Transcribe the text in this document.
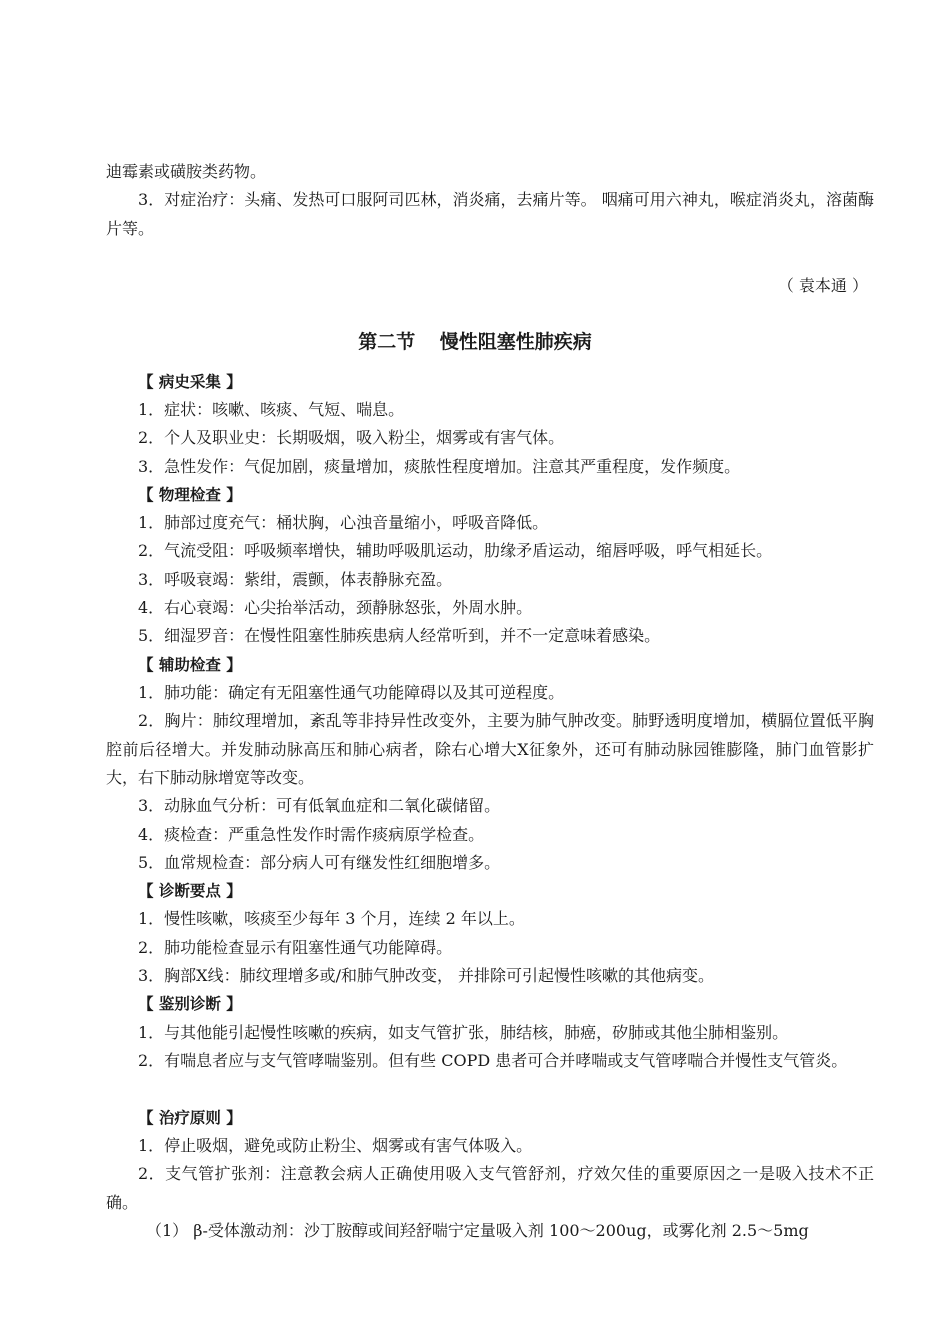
迪霉素或磺胺类药物。

3．对症治疗：头痛、发热可口服阿司匹林，消炎痛，去痛片等。 咽痛可用六神丸，喉症消炎丸，溶菌酶片等。

（ 袁本通 ）

第二节 慢性阻塞性肺疾病

【 病史采集 】

1．症状：咳嗽、咳痰、气短、喘息。

2．个人及职业史：长期吸烟，吸入粉尘，烟雾或有害气体。

3．急性发作：气促加剧，痰量增加，痰脓性程度增加。注意其严重程度，发作频度。

【 物理检查 】

1．肺部过度充气：桶状胸，心浊音量缩小，呼吸音降低。

2．气流受阻：呼吸频率增快，辅助呼吸肌运动，肋缘矛盾运动，缩唇呼吸，呼气相延长。

3．呼吸衰竭：紫绀，震颤，体表静脉充盈。

4．右心衰竭：心尖抬举活动，颈静脉怒张，外周水肿。

5．细湿罗音：在慢性阻塞性肺疾患病人经常听到，并不一定意味着感染。

【 辅助检查 】

1．肺功能：确定有无阻塞性通气功能障碍以及其可逆程度。

2．胸片：肺纹理增加，紊乱等非持异性改变外，主要为肺气肿改变。肺野透明度增加，横膈位置低平胸腔前后径增大。并发肺动脉高压和肺心病者，除右心增大X征象外，还可有肺动脉园锥膨隆，肺门血管影扩大，右下肺动脉增宽等改变。

3．动脉血气分析：可有低氧血症和二氧化碳储留。

4．痰检查：严重急性发作时需作痰病原学检查。

5．血常规检查：部分病人可有继发性红细胞增多。

【 诊断要点 】

1．慢性咳嗽，咳痰至少每年 3 个月，连续 2 年以上。

2．肺功能检查显示有阻塞性通气功能障碍。

3．胸部X线：肺纹理增多或/和肺气肿改变， 并排除可引起慢性咳嗽的其他病变。

【 鉴别诊断 】

1．与其他能引起慢性咳嗽的疾病，如支气管扩张，肺结核，肺癌，矽肺或其他尘肺相鉴别。

2．有喘息者应与支气管哮喘鉴别。但有些 COPD 患者可合并哮喘或支气管哮喘合并慢性支气管炎。

【 治疗原则 】

1．停止吸烟，避免或防止粉尘、烟雾或有害气体吸入。

2．支气管扩张剂：注意教会病人正确使用吸入支气管舒剂，疗效欠佳的重要原因之一是吸入技术不正确。

（1） β-受体激动剂：沙丁胺醇或间羟舒喘宁定量吸入剂 100～200ug，或雾化剂 2.5～5mg
